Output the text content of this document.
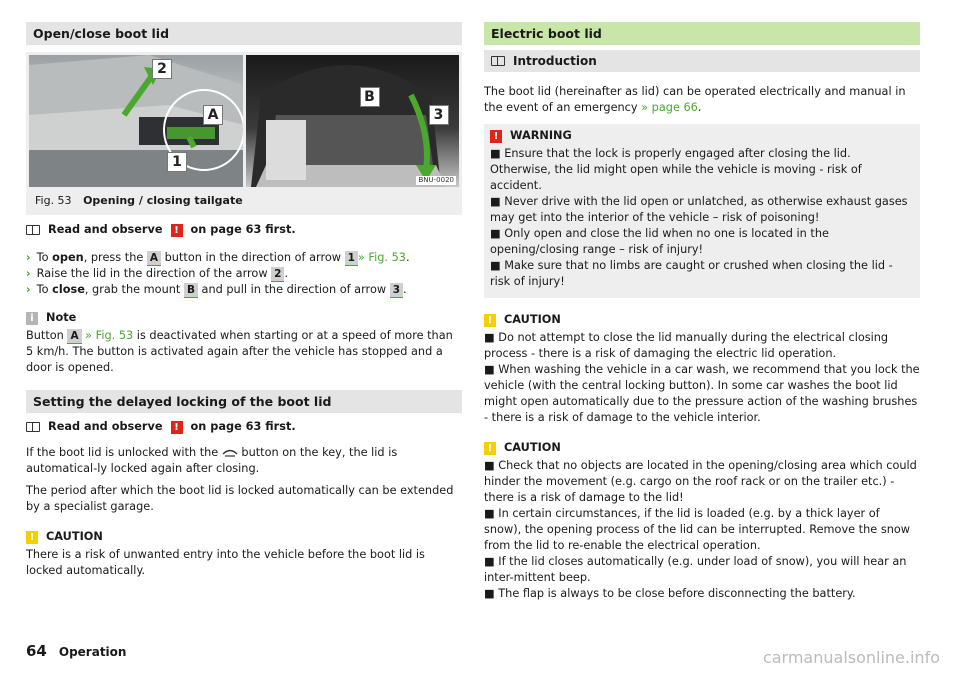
Open/close boot lid
2
A
1
B
3
BNU-0020
Fig. 53 Opening / closing tailgate
Read and observe	!	on page 63 first.
› To open, press the A button in the direction of arrow 1 » Fig. 53.
› Raise the lid in the direction of the arrow 2 .
› To close, grab the mount B and pull in the direction of arrow 3 .
i	Note

Button A » Fig. 53 is deactivated when starting or at a speed of more than 5 km/h. The button is activated again after the vehicle has stopped and a door is opened.

Setting the delayed locking of the boot lid
Read and observe	!	on page 63 first.

If the boot lid is unlocked with the button on the key, the lid is automatical-ly locked again after closing.

The period after which the boot lid is locked automatically can be extended by a specialist garage.

!	CAUTION

There is a risk of unwanted entry into the vehicle before the boot lid is locked automatically.

Electric boot lid
Introduction

The boot lid (hereinafter as lid) can be operated electrically and manual in the event of an emergency » page 66.

!	WARNING

■ Ensure that the lock is properly engaged after closing the lid. Otherwise, the lid might open while the vehicle is moving - risk of accident.

■ Never drive with the lid open or unlatched, as otherwise exhaust gases may get into the interior of the vehicle – risk of poisoning!

■ Only open and close the lid when no one is located in the opening/closing range – risk of injury!

■ Make sure that no limbs are caught or crushed when closing the lid - risk of injury!

!	CAUTION

■ Do not attempt to close the lid manually during the electrical closing process - there is a risk of damaging the electric lid operation.

■ When washing the vehicle in a car wash, we recommend that you lock the vehicle (with the central locking button). In some car washes the boot lid might open automatically due to the pressure action of the washing brushes - there is a risk of damage to the vehicle interior.

!	CAUTION

■ Check that no objects are located in the opening/closing area which could hinder the movement (e.g. cargo on the roof rack or on the trailer etc.) - there is a risk of damage to the lid!

■ In certain circumstances, if the lid is loaded (e.g. by a thick layer of snow), the opening process of the lid can be interrupted. Remove the snow from the lid to re-enable the electrical operation.

■ If the lid closes automatically (e.g. under load of snow), you will hear an inter-mittent beep.

■ The flap is always to be close before disconnecting the battery.

64 Operation	carmanualsonline.info
